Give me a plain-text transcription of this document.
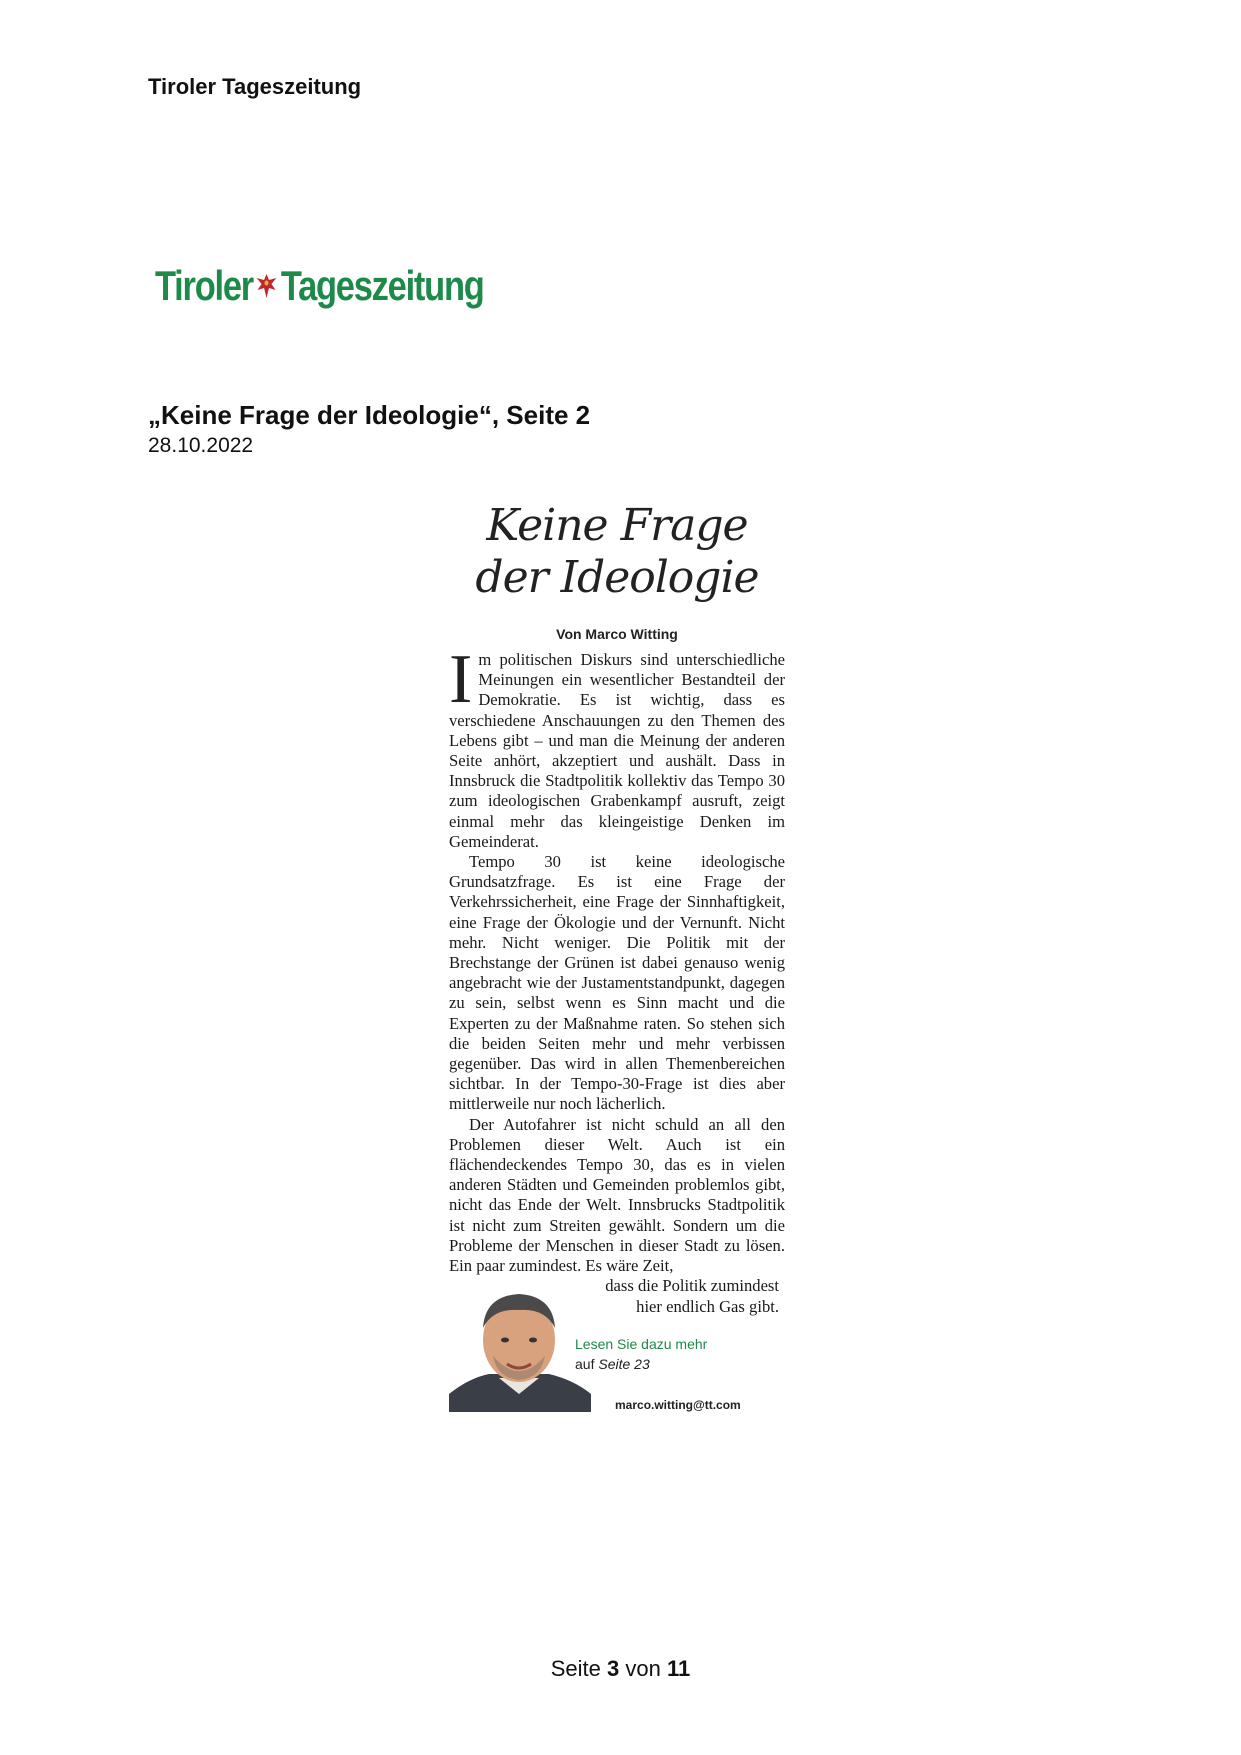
Tiroler Tageszeitung
Tiroler Tageszeitung
„Keine Frage der Ideologie“, Seite 2
28.10.2022
Keine Frage
der Ideologie
Von Marco Witting

Im politischen Diskurs sind unterschiedliche Meinungen ein wesentlicher Bestandteil der Demokratie. Es ist wichtig, dass es verschiedene Anschauungen zu den Themen des Lebens gibt – und man die Meinung der anderen Seite anhört, akzeptiert und aushält. Dass in Innsbruck die Stadtpolitik kollektiv das Tempo 30 zum ideologischen Grabenkampf ausruft, zeigt einmal mehr das kleingeistige Denken im Gemeinderat.

Tempo 30 ist keine ideologische Grundsatzfrage. Es ist eine Frage der Verkehrssicherheit, eine Frage der Sinnhaftigkeit, eine Frage der Ökologie und der Vernunft. Nicht mehr. Nicht weniger. Die Politik mit der Brechstange der Grünen ist dabei genauso wenig angebracht wie der Justamentstandpunkt, dagegen zu sein, selbst wenn es Sinn macht und die Experten zu der Maßnahme raten. So stehen sich die beiden Seiten mehr und mehr verbissen gegenüber. Das wird in allen Themenbereichen sichtbar. In der Tempo-30-Frage ist dies aber mittlerweile nur noch lächerlich.

Der Autofahrer ist nicht schuld an all den Problemen dieser Welt. Auch ist ein flächendeckendes Tempo 30, das es in vielen anderen Städten und Gemeinden problemlos gibt, nicht das Ende der Welt. Innsbrucks Stadtpolitik ist nicht zum Streiten gewählt. Sondern um die Probleme der Menschen in dieser Stadt zu lösen. Ein paar zumindest. Es wäre Zeit,

dass die Politik zumindest
hier endlich Gas gibt.
Lesen Sie dazu mehr
auf Seite 23
marco.witting@tt.com
Seite 3 von 11
